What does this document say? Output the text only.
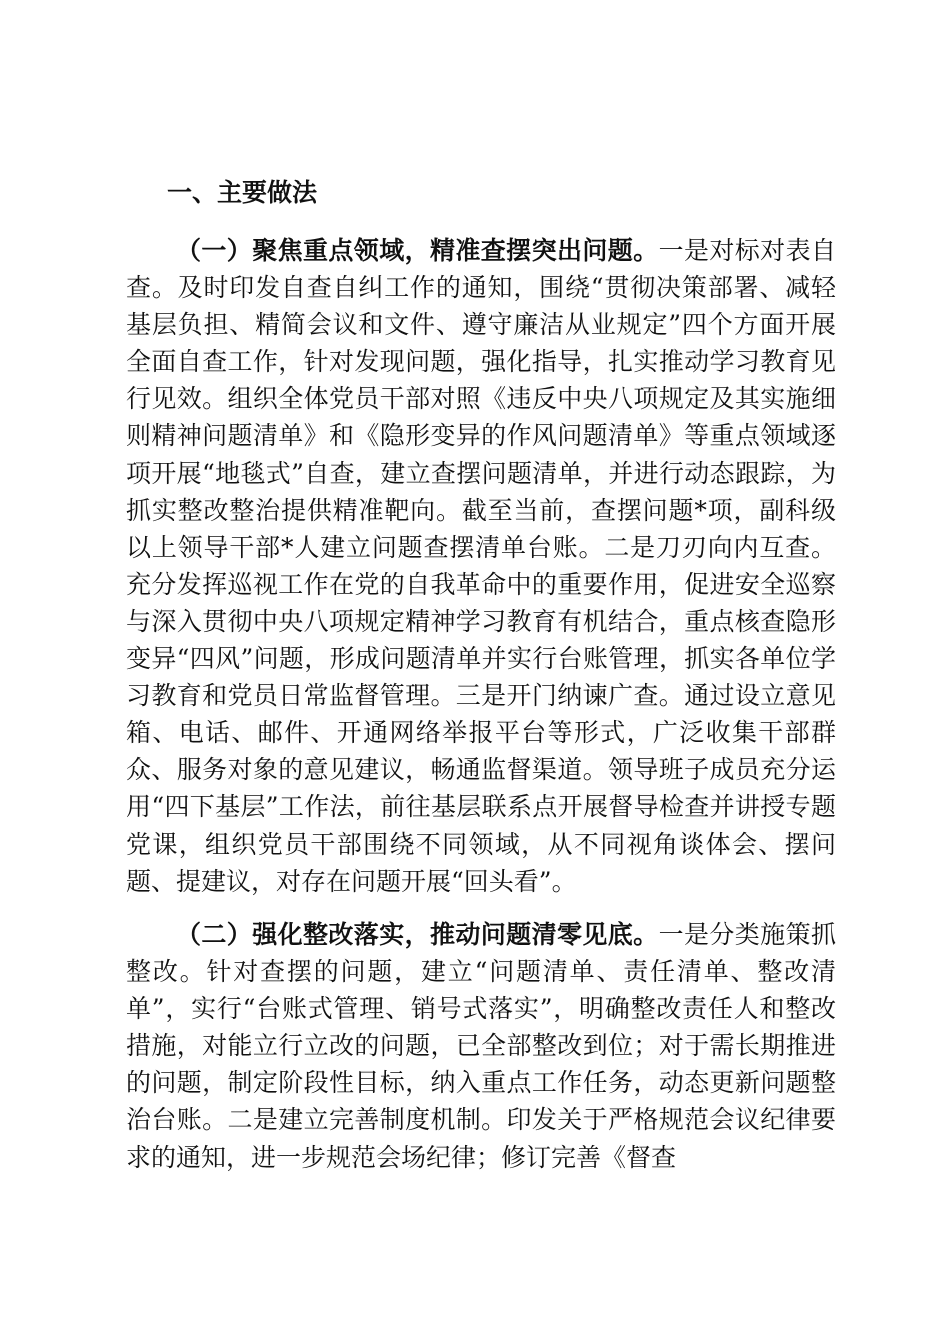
一、主要做法

（一）聚焦重点领域，精准查摆突出问题。一是对标对表自查。及时印发自查自纠工作的通知，围绕“贯彻决策部署、减轻基层负担、精简会议和文件、遵守廉洁从业规定”四个方面开展全面自查工作，针对发现问题，强化指导，扎实推动学习教育见行见效。组织全体党员干部对照《违反中央八项规定及其实施细则精神问题清单》和《隐形变异的作风问题清单》等重点领域逐项开展“地毯式”自查，建立查摆问题清单，并进行动态跟踪，为抓实整改整治提供精准靶向。截至当前，查摆问题*项，副科级以上领导干部*人建立问题查摆清单台账。二是刀刃向内互查。充分发挥巡视工作在党的自我革命中的重要作用，促进安全巡察与深入贯彻中央八项规定精神学习教育有机结合，重点核查隐形变异“四风”问题，形成问题清单并实行台账管理，抓实各单位学习教育和党员日常监督管理。三是开门纳谏广查。通过设立意见箱、电话、邮件、开通网络举报平台等形式，广泛收集干部群众、服务对象的意见建议，畅通监督渠道。领导班子成员充分运用“四下基层”工作法，前往基层联系点开展督导检查并讲授专题党课，组织党员干部围绕不同领域，从不同视角谈体会、摆问题、提建议，对存在问题开展“回头看”。

（二）强化整改落实，推动问题清零见底。一是分类施策抓整改。针对查摆的问题，建立“问题清单、责任清单、整改清单”，实行“台账式管理、销号式落实”，明确整改责任人和整改措施，对能立行立改的问题，已全部整改到位；对于需长期推进的问题，制定阶段性目标，纳入重点工作任务，动态更新问题整治台账。二是建立完善制度机制。印发关于严格规范会议纪律要求的通知，进一步规范会场纪律；修订完善《督查
